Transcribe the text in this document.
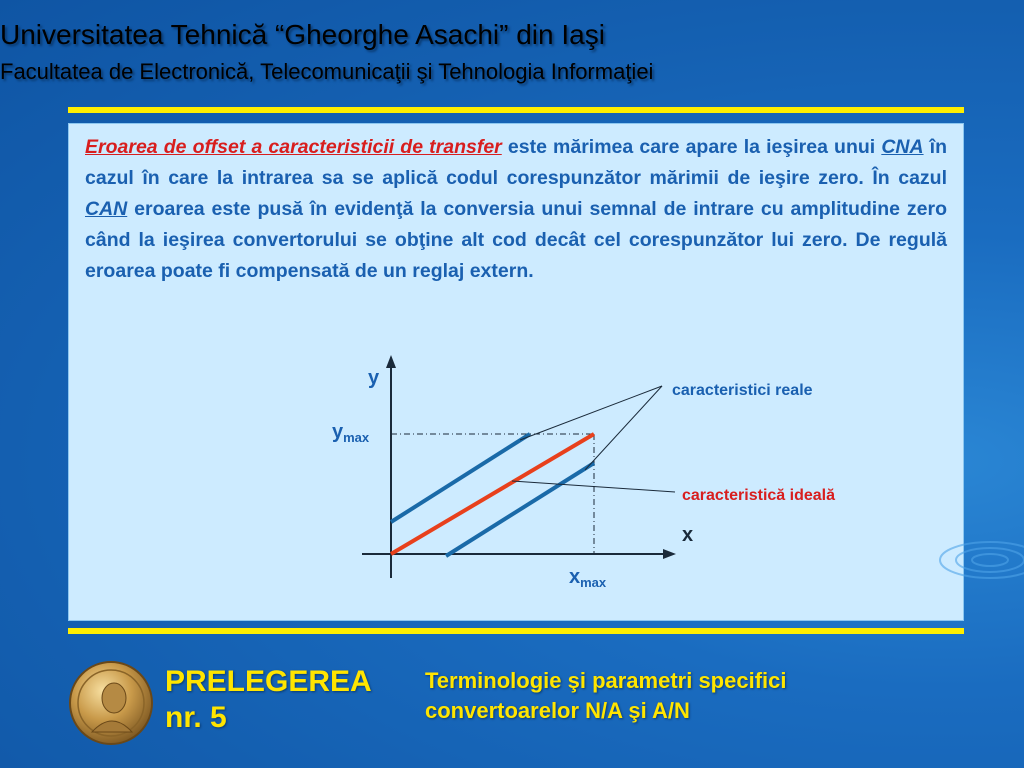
Universitatea Tehnică “Gheorghe Asachi” din Iaşi
Facultatea de Electronică, Telecomunicaţii şi Tehnologia Informaţiei

Eroarea de offset a caracteristicii de transfer este mărimea care apare la ieşirea unui CNA în cazul în care la intrarea sa se aplică codul corespunzător mărimii de ieşire zero. În cazul CAN eroarea este pusă în evidenţă la conversia unui semnal de intrare cu amplitudine zero când la ieşirea convertorului se obţine alt cod decât cel corespunzător lui zero. De regulă eroarea poate fi compensată de un reglaj extern.

y
x
$y_{max}$
$x_{max}$
caracteristici reale
caracteristică ideală
PRELEGEREA
nr. 5
Terminologie şi parametri specifici
convertoarelor N/A şi A/N
